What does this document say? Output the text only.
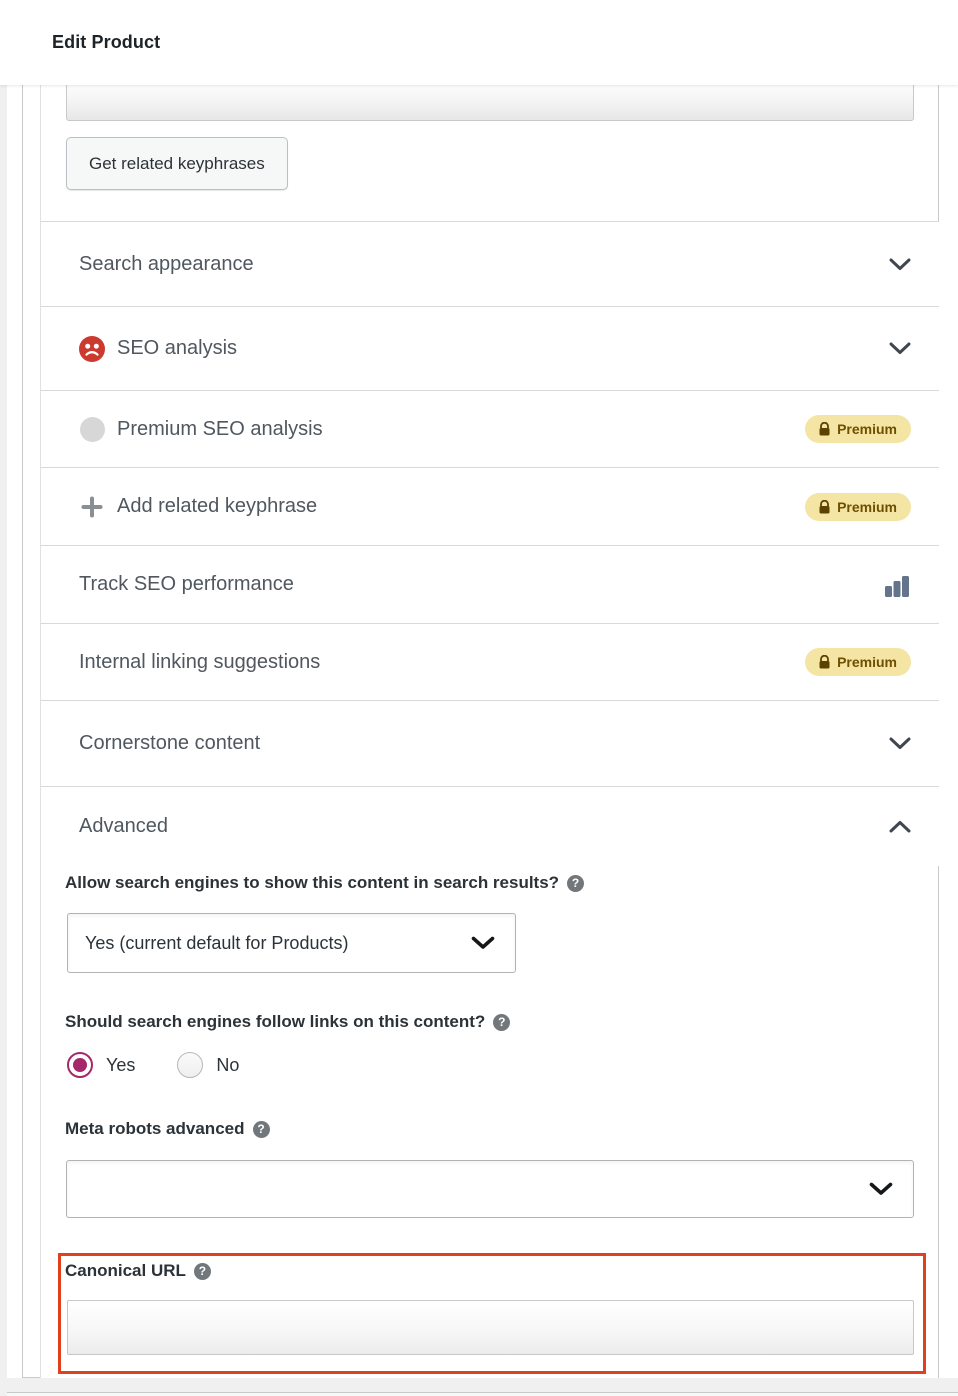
Edit Product
Get related keyphrases
Search appearance
SEO analysis
Premium SEO analysis	Premium
Add related keyphrase	Premium
Track SEO performance
Internal linking suggestions	Premium
Cornerstone content
Advanced
Allow search engines to show this content in search results?
?
Yes (current default for Products)
Should search engines follow links on this content?
?
Yes	No
Meta robots advanced
?
Canonical URL
?
